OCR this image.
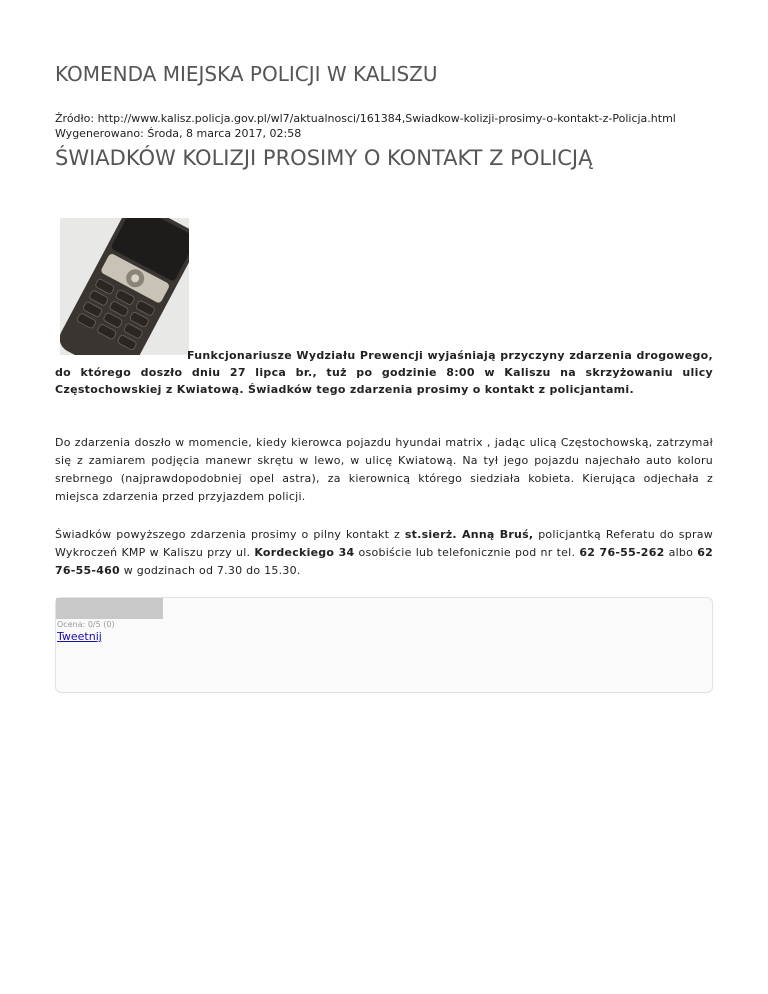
KOMENDA MIEJSKA POLICJI W KALISZU
Źródło: http://www.kalisz.policja.gov.pl/wl7/aktualnosci/161384,Swiadkow-kolizji-prosimy-o-kontakt-z-Policja.html
Wygenerowano: Środa, 8 marca 2017, 02:58
ŚWIADKÓW KOLIZJI PROSIMY O KONTAKT Z POLICJĄ

Funkcjonariusze Wydziału Prewencji wyjaśniają przyczyny zdarzenia drogowego, do którego doszło dniu 27 lipca br., tuż po godzinie 8:00 w Kaliszu na skrzyżowaniu ulicy Częstochowskiej z Kwiatową. Świadków tego zdarzenia prosimy o kontakt z policjantami.

Do zdarzenia doszło w momencie, kiedy kierowca pojazdu hyundai matrix , jadąc ulicą Częstochowską, zatrzymał się z zamiarem podjęcia manewr skrętu w lewo, w ulicę Kwiatową. Na tył jego pojazdu najechało auto koloru srebrnego (najprawdopodobniej opel astra), za kierownicą którego siedziała kobieta. Kierująca odjechała z miejsca zdarzenia przed przyjazdem policji.

Świadków powyższego zdarzenia prosimy o pilny kontakt z st.sierż. Anną Bruś, policjantką Referatu do spraw Wykroczeń KMP w Kaliszu przy ul. Kordeckiego 34 osobiście lub telefonicznie pod nr tel. 62 76-55-262 albo 62 76-55-460 w godzinach od 7.30 do 15.30.

Ocena: 0/5 (0)
Tweetnij
